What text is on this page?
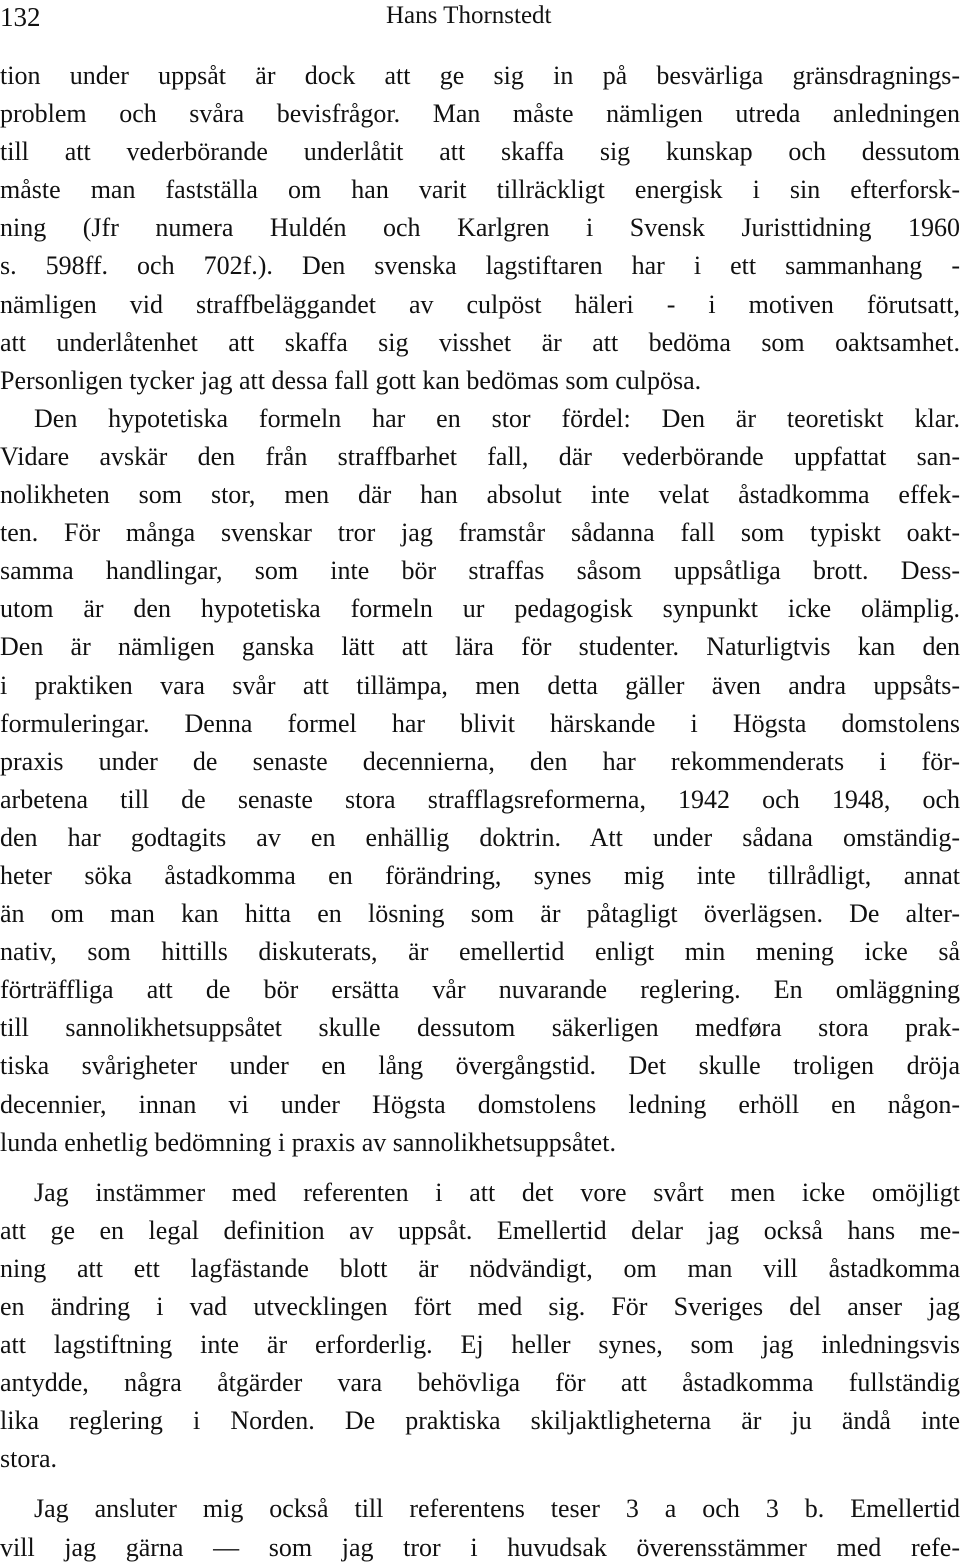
132	Hans Thornstedt
tion under uppsåt är dock att ge sig in på besvärliga gränsdragnings-
problem och svåra bevisfrågor. Man måste nämligen utreda anledningen
till att vederbörande underlåtit att skaffa sig kunskap och dessutom
måste man fastställa om han varit tillräckligt energisk i sin efterforsk-
ning (Jfr numera Huldén och Karlgren i Svensk Juristtidning 1960
s. 598ff. och 702f.). Den svenska lagstiftaren har i ett sammanhang -
nämligen vid straffbeläggandet av culpöst häleri - i motiven förutsatt,
att underlåtenhet att skaffa sig visshet är att bedöma som oaktsamhet.
Personligen tycker jag att dessa fall gott kan bedömas som culpösa.
Den hypotetiska formeln har en stor fördel: Den är teoretiskt klar.
Vidare avskär den från straffbarhet fall, där vederbörande uppfattat san-
nolikheten som stor, men där han absolut inte velat åstadkomma effek-
ten. För många svenskar tror jag framstår sådanna fall som typiskt oakt-
samma handlingar, som inte bör straffas såsom uppsåtliga brott. Dess-
utom är den hypotetiska formeln ur pedagogisk synpunkt icke olämplig.
Den är nämligen ganska lätt att lära för studenter. Naturligtvis kan den
i praktiken vara svår att tillämpa, men detta gäller även andra uppsåts-
formuleringar. Denna formel har blivit härskande i Högsta domstolens
praxis under de senaste decennierna, den har rekommenderats i för-
arbetena till de senaste stora strafflagsreformerna, 1942 och 1948, och
den har godtagits av en enhällig doktrin. Att under sådana omständig-
heter söka åstadkomma en förändring, synes mig inte tillrådligt, annat
än om man kan hitta en lösning som är påtagligt överlägsen. De alter-
nativ, som hittills diskuterats, är emellertid enligt min mening icke så
förträffliga att de bör ersätta vår nuvarande reglering. En omläggning
till sannolikhetsuppsåtet skulle dessutom säkerligen medføra stora prak-
tiska svårigheter under en lång övergångstid. Det skulle troligen dröja
decennier, innan vi under Högsta domstolens ledning erhöll en någon-
lunda enhetlig bedömning i praxis av sannolikhetsuppsåtet.
Jag instämmer med referenten i att det vore svårt men icke omöjligt
att ge en legal definition av uppsåt. Emellertid delar jag också hans me-
ning att ett lagfästande blott är nödvändigt, om man vill åstadkomma
en ändring i vad utvecklingen fört med sig. För Sveriges del anser jag
att lagstiftning inte är erforderlig. Ej heller synes, som jag inledningsvis
antydde, några åtgärder vara behövliga för att åstadkomma fullständig
lika reglering i Norden. De praktiska skiljaktligheterna är ju ändå inte
stora.
Jag ansluter mig också till referentens teser 3 a och 3 b. Emellertid
vill jag gärna — som jag tror i huvudsak överensstämmer med refe-
